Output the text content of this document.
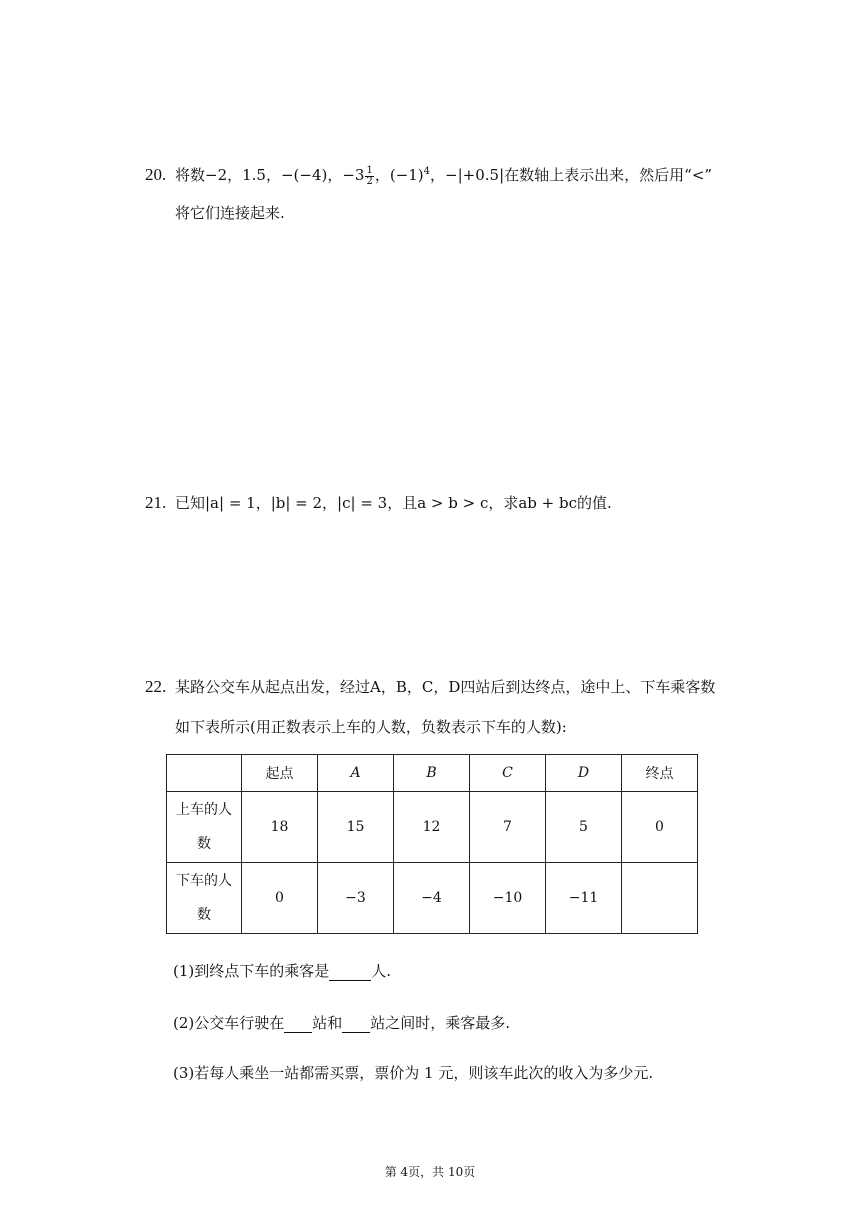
20. 将数−2，1.5，−(−4)，$-3 \frac{1}{2}$ ，$(-1)^4$，−|+0.5|在数轴上表示出来，然后用“<”
将它们连接起来.
21. 已知|a| = 1，|b| = 2，|c| = 3，且a > b > c，求ab + bc的值.
22. 某路公交车从起点出发，经过A，B，C，D四站后到达终点，途中上、下车乘客数
如下表所示(用正数表示上车的人数，负数表示下车的人数):
	起点	A	B	C	D	终点

上车的人
数	18	15	12	7	5	0

下车的人
数	0	−3	−4	−10	−11	
(1)到终点下车的乘客是	人.
(2)公交车行驶在 站和 站之间时，乘客最多.
(3)若每人乘坐一站都需买票，票价为 1 元，则该车此次的收入为多少元.
第 4页，共 10页
